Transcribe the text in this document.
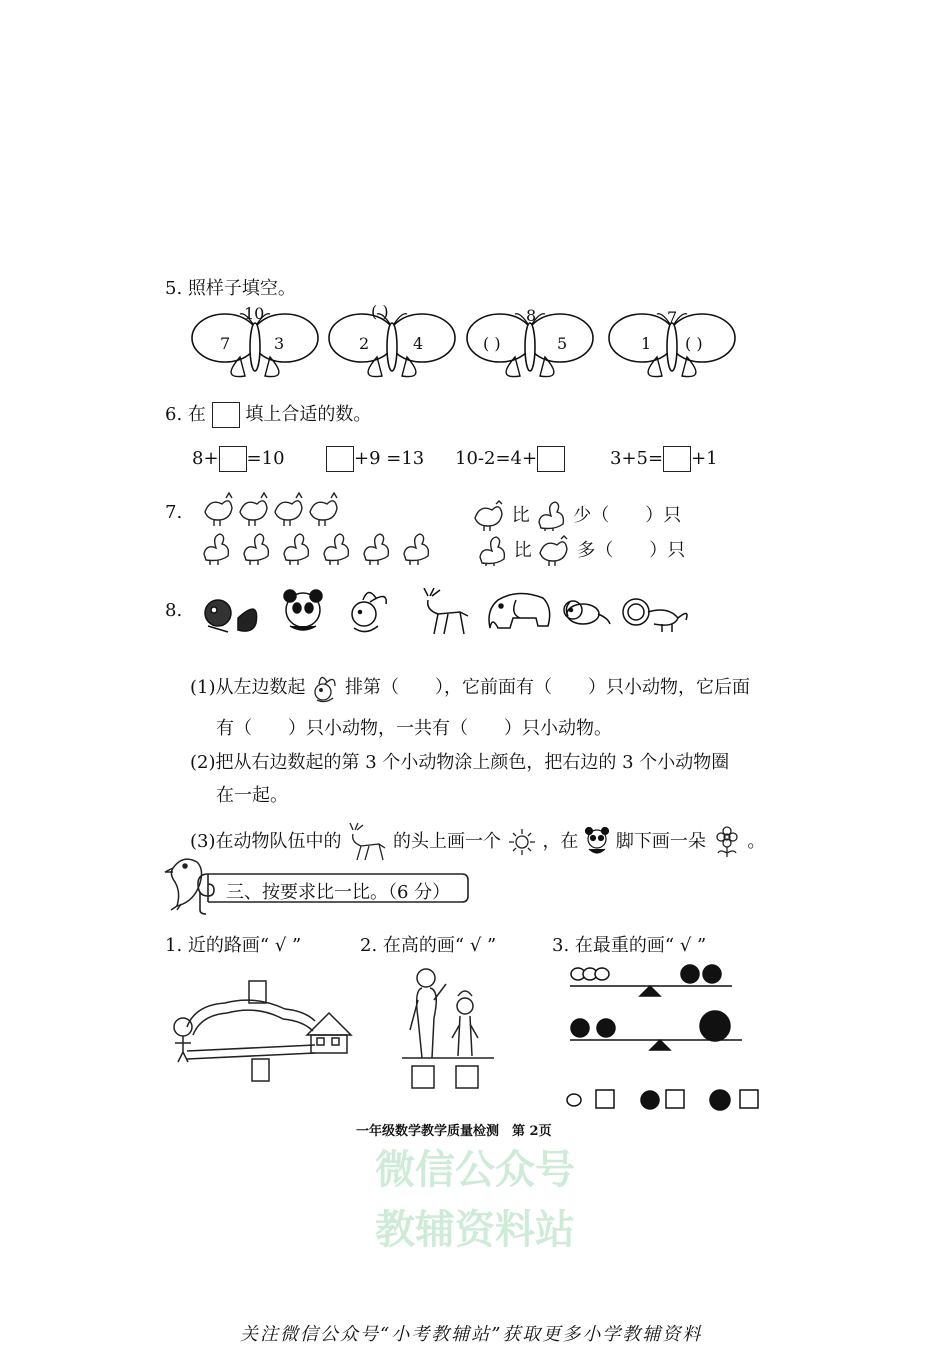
微信公众号
教辅资料站
5. 照样子填空。
10
7	3
( )
2	4
8
( )	5
7
1 ( )
6. 在 填上合适的数。
8+ =10	+9 =13 10-2=4+	3+5= +1
7.	比 少（　　）只
比	多（　　）只
8.
(1)从左边数起 排第（　　），它前面有（　　）只小动物，它后面
有（　　）只小动物，一共有（　　）只小动物。
(2)把从右边数起的第 3 个小动物涂上颜色，把右边的 3 个小动物圈
在一起。
(3)在动物队伍中的	的头上画一个 ，在 脚下画一朵 。
三、按要求比一比。（6 分）
1. 近的路画“ √ ”	2. 在高的画“ √ ”	3. 在最重的画“ √ ”
一年级数学教学质量检测　第 2页
关注微信公众号“小考教辅站”获取更多小学教辅资料
